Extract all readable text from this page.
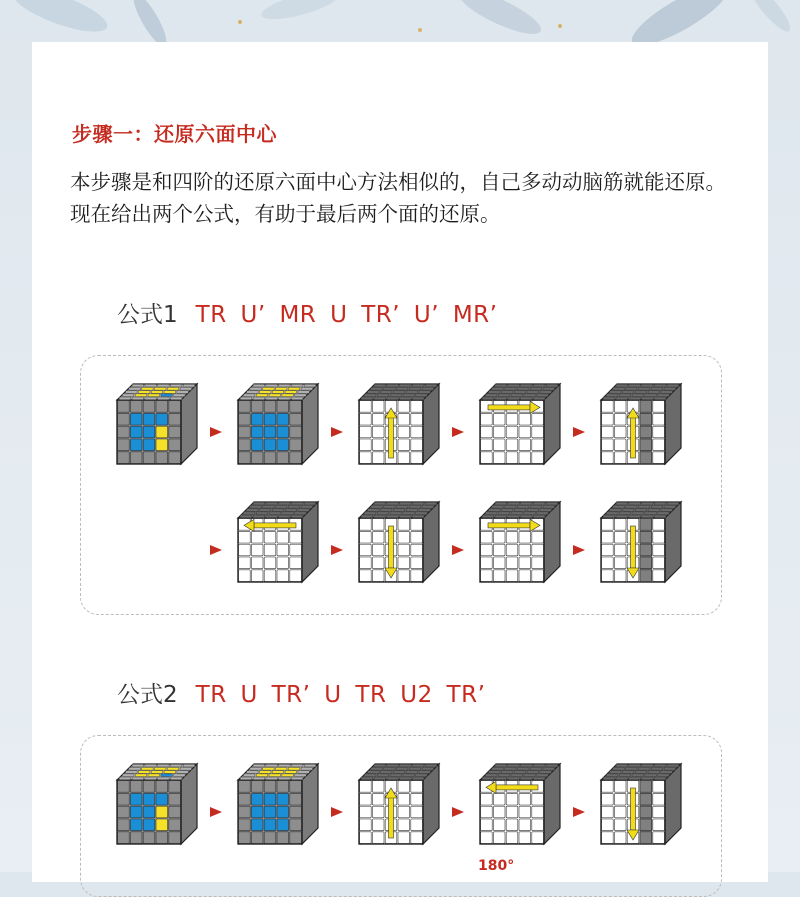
步骤一：还原六面中心

本步骤是和四阶的还原六面中心方法相似的，自己多动动脑筋就能还原。

现在给出两个公式，有助于最后两个面的还原。

公式1 TR U’ MR U TR’ U’ MR’
公式2 TR U TR’ U TR U2 TR’
180°
